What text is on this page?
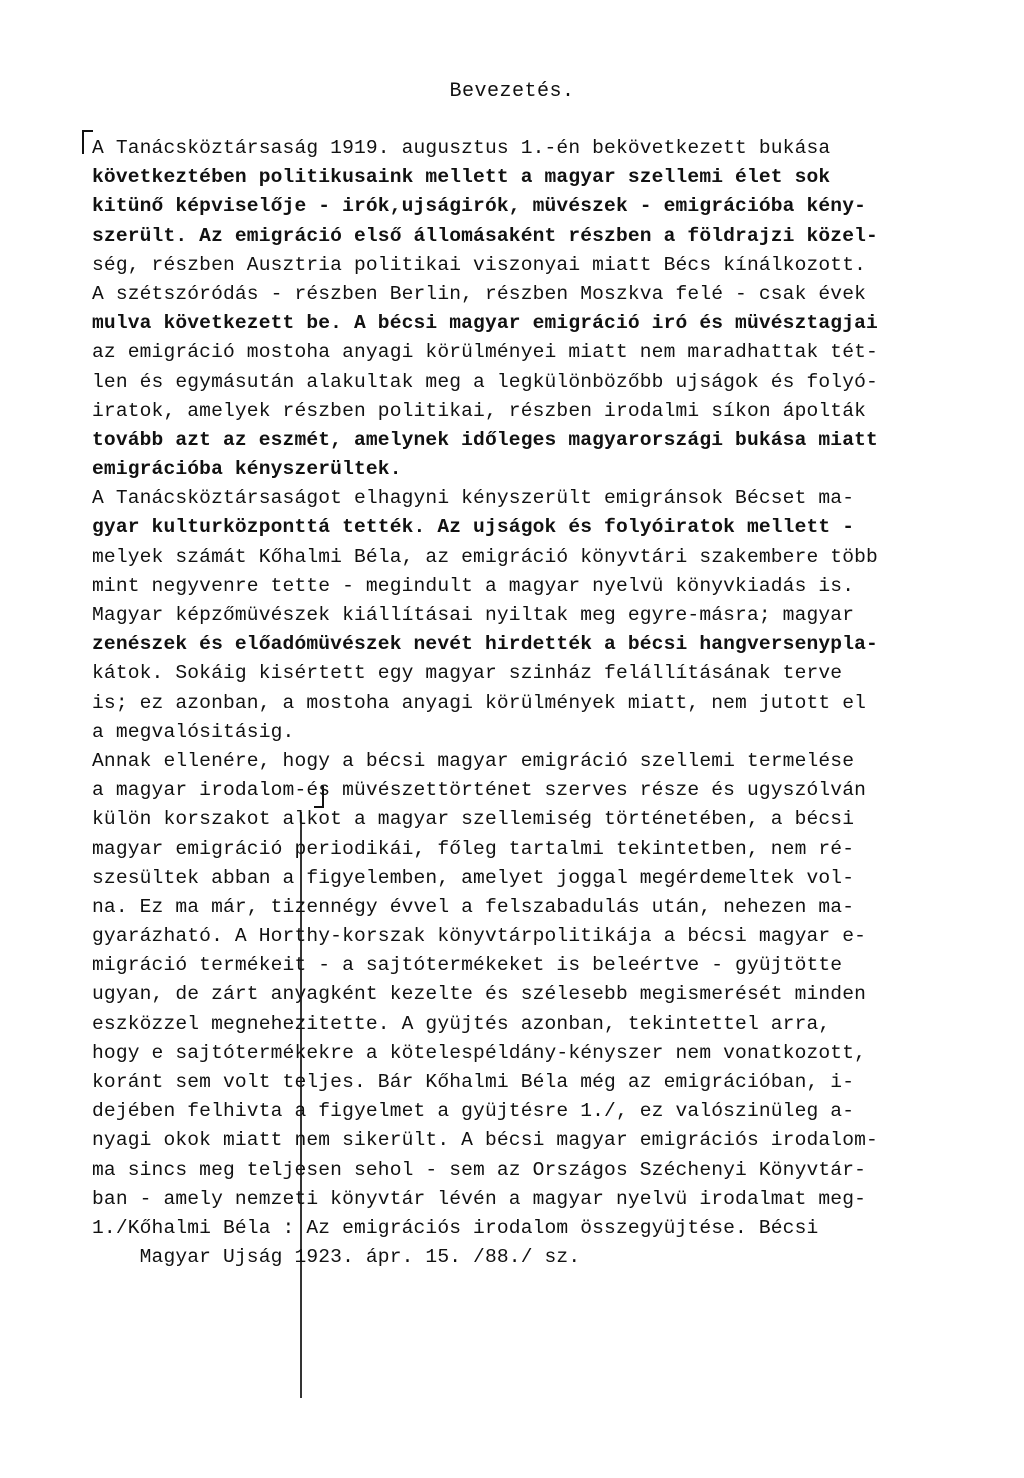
Bevezetés.
A Tanácsköztársaság 1919. augusztus 1.-én bekövetkezett bukása
következtében politikusaink mellett a magyar szellemi élet sok
kitünő képviselője - irók,ujságirók, müvészek - emigrációba kény-
szerült. Az emigráció első állomásaként részben a földrajzi közel-
ség, részben Ausztria politikai viszonyai miatt Bécs kínálkozott.
A szétszóródás - részben Berlin, részben Moszkva felé - csak évek
mulva következett be. A bécsi magyar emigráció iró és müvésztagjai
az emigráció mostoha anyagi körülményei miatt nem maradhattak tét-
len és egymásután alakultak meg a legkülönbözőbb ujságok és folyó-
iratok, amelyek részben politikai, részben irodalmi síkon ápolták
tovább azt az eszmét, amelynek időleges magyarországi bukása miatt
emigrációba kényszerültek.
A Tanácsköztársaságot elhagyni kényszerült emigránsok Bécset ma-
gyar kulturközponttá tették. Az ujságok és folyóiratok mellett -
melyek számát Kőhalmi Béla, az emigráció könyvtári szakembere több
mint negyvenre tette - megindult a magyar nyelvü könyvkiadás is.
Magyar képzőmüvészek kiállításai nyiltak meg egyre-másra; magyar
zenészek és előadómüvészek nevét hirdették a bécsi hangversenypla-
kátok. Sokáig kisértett egy magyar szinház felállításának terve
is; ez azonban, a mostoha anyagi körülmények miatt, nem jutott el
a megvalósitásig.
Annak ellenére, hogy a bécsi magyar emigráció szellemi termelése
a magyar irodalom-és müvészettörténet szerves része és ugyszólván
külön korszakot alkot a magyar szellemiség történetében, a bécsi
magyar emigráció periodikái, főleg tartalmi tekintetben, nem ré-
szesültek abban a figyelemben, amelyet joggal megérdemeltek vol-
na. Ez ma már, tizennégy évvel a felszabadulás után, nehezen ma-
gyarázható. A Horthy-korszak könyvtárpolitikája a bécsi magyar e-
migráció termékeit - a sajtótermékeket is beleértve - gyüjtötte
ugyan, de zárt anyagként kezelte és szélesebb megismerését minden
eszközzel megnehezitette. A gyüjtés azonban, tekintettel arra,
hogy e sajtótermékekre a kötelespéldány-kényszer nem vonatkozott,
koránt sem volt teljes. Bár Kőhalmi Béla még az emigrációban, i-
dejében felhivta a figyelmet a gyüjtésre 1./, ez valószinüleg a-
nyagi okok miatt nem sikerült. A bécsi magyar emigrációs irodalom-
ma sincs meg teljesen sehol - sem az Országos Széchenyi Könyvtár-
ban - amely nemzeti könyvtár lévén a magyar nyelvü irodalmat meg-
1./Kőhalmi Béla : Az emigrációs irodalom összegyüjtése. Bécsi
Magyar Ujság 1923. ápr. 15. /88./ sz.
